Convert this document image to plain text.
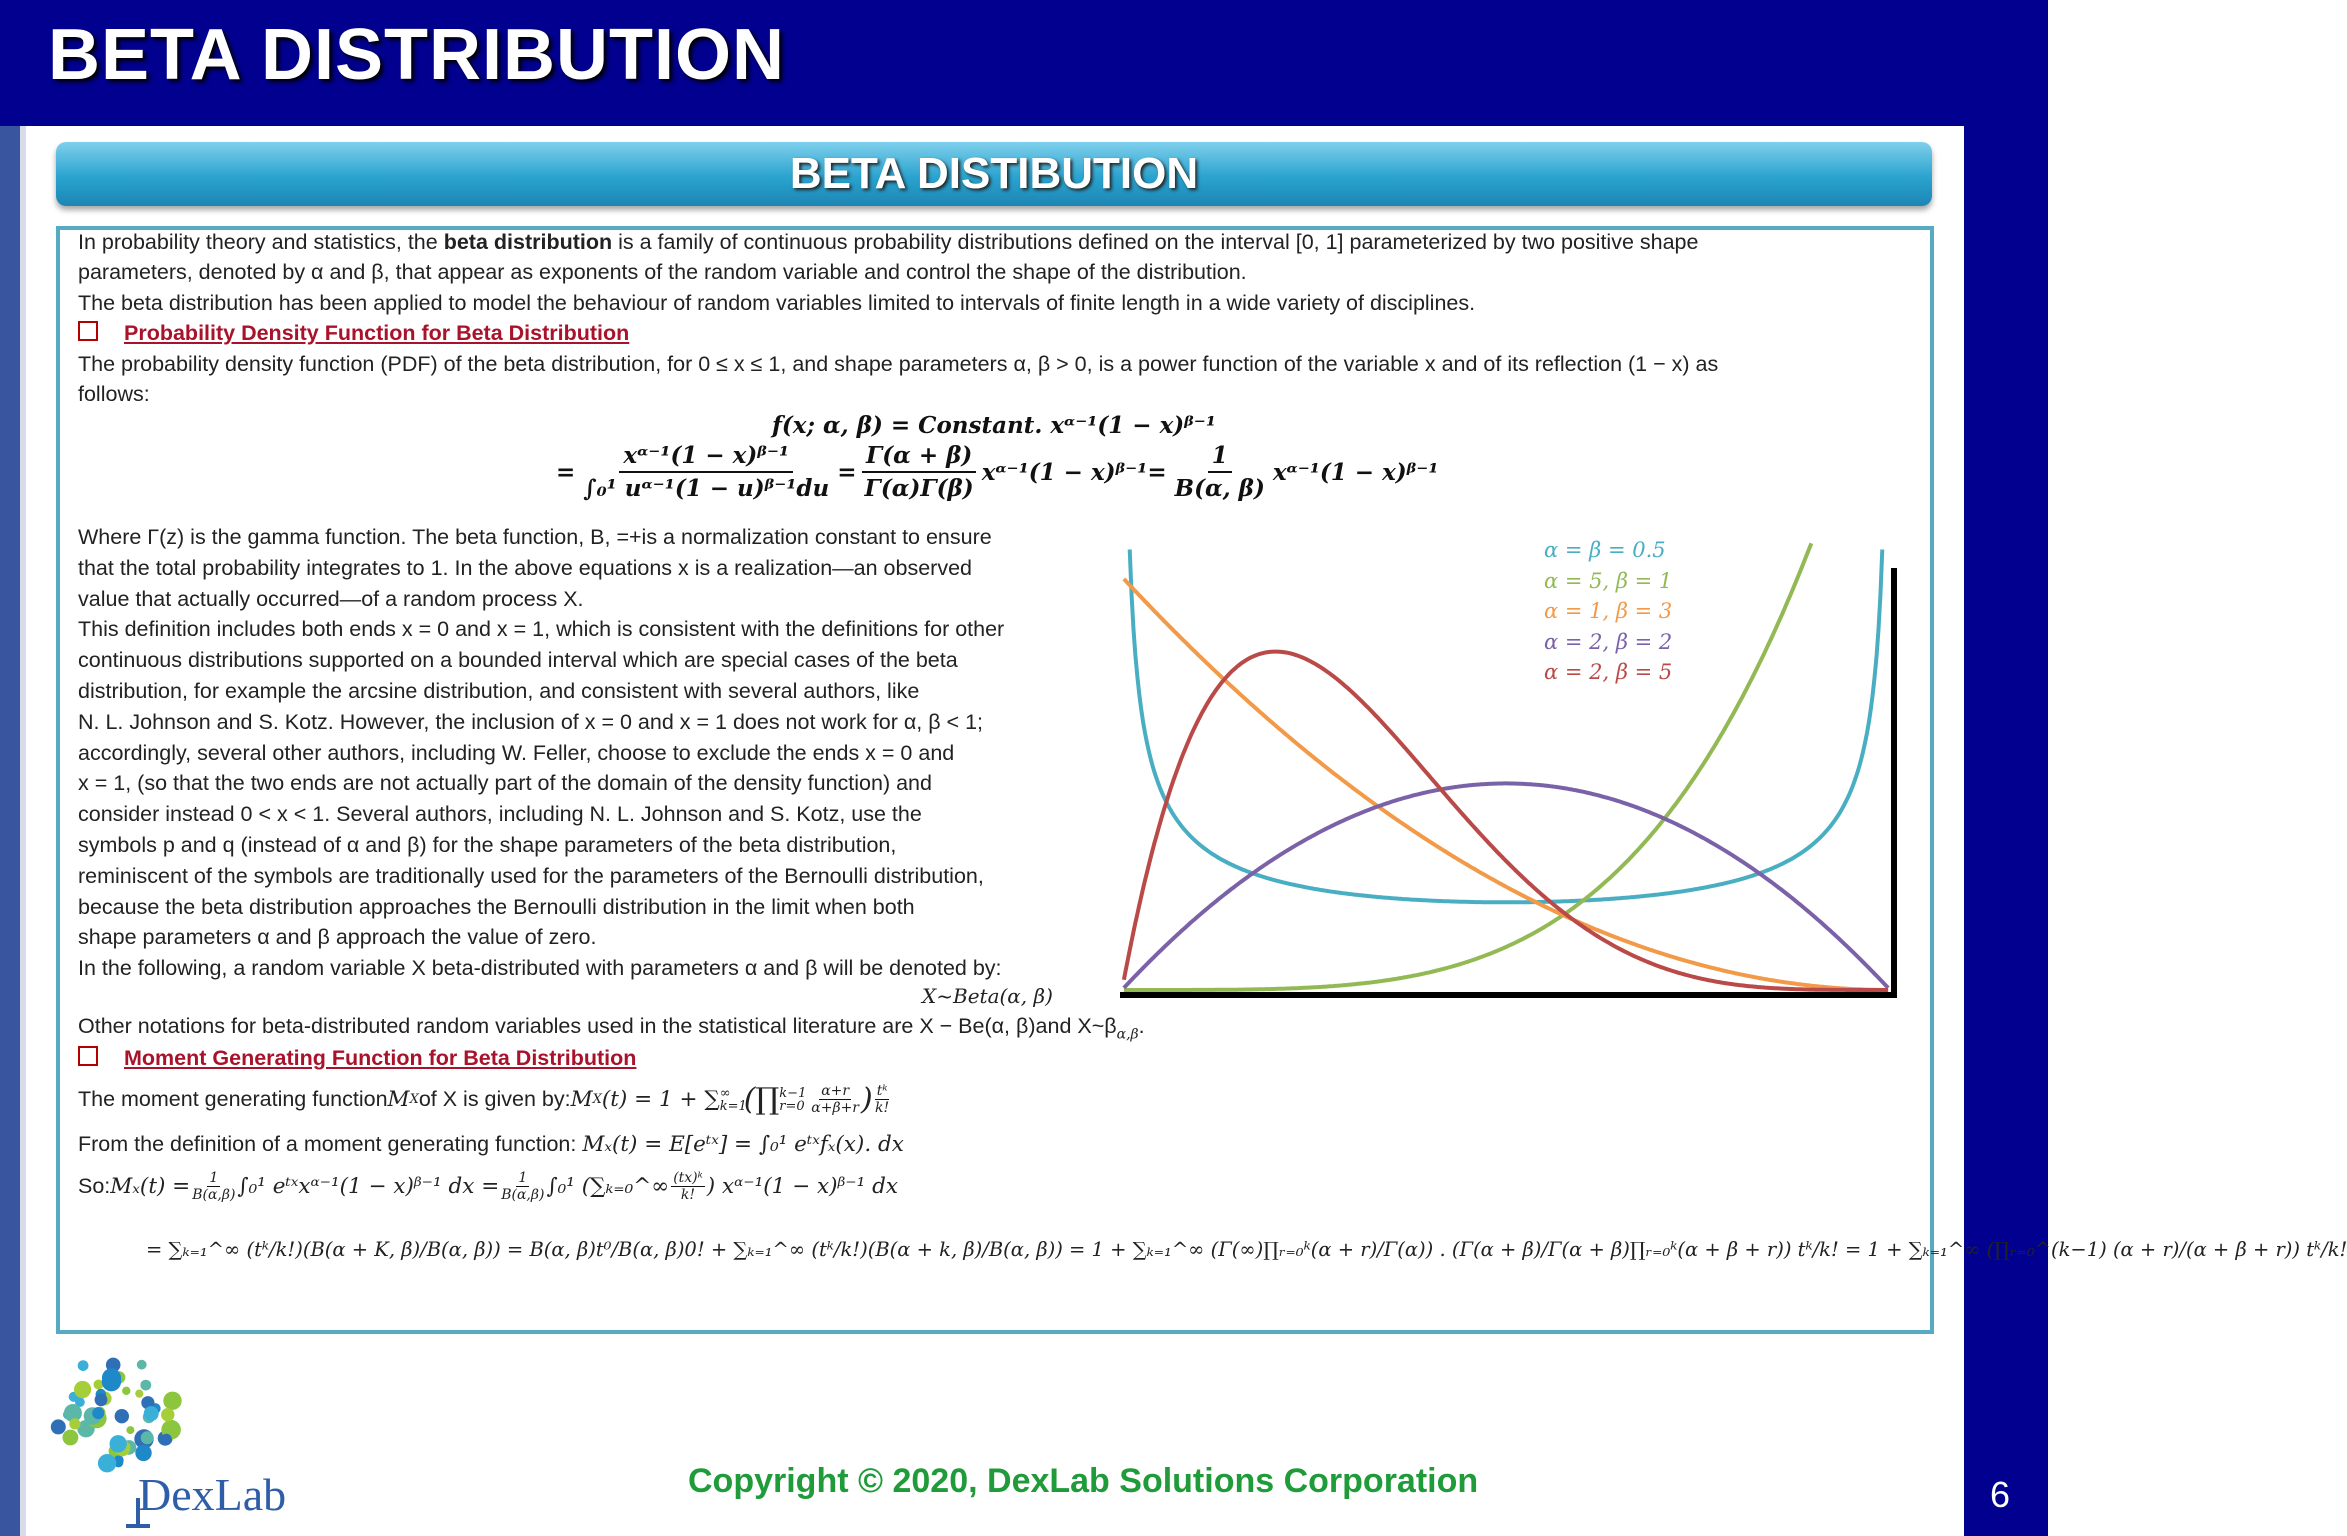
BETA DISTRIBUTION
BETA DISTIBUTION
In probability theory and statistics, the beta distribution is a family of continuous probability distributions defined on the interval [0, 1] parameterized by two positive shape
parameters, denoted by α and β, that appear as exponents of the random variable and control the shape of the distribution.
The beta distribution has been applied to model the behaviour of random variables limited to intervals of finite length in a wide variety of disciplines.
Probability Density Function for Beta Distribution
The probability density function (PDF) of the beta distribution, for 0 ≤ x ≤ 1, and shape parameters α, β > 0, is a power function of the variable x and of its reflection (1 − x) as
follows:
f(x; α, β) = Constant. xᵅ⁻¹(1 − x)ᵝ⁻¹
= $\frac{\text{xᵅ⁻¹(1 − x)ᵝ⁻¹}}{\text{∫₀¹ uᵅ⁻¹(1 − u)ᵝ⁻¹du}} = \frac{\Gamma(\alpha + \beta)}{\Gamma(\alpha)\Gamma(\beta)}$ xᵅ⁻¹(1 − x)ᵝ⁻¹= $\frac{1}{B(\alpha, \beta)}$ xᵅ⁻¹(1 − x)ᵝ⁻¹
Where Γ(z) is the gamma function. The beta function, B, =+is a normalization constant to ensure
that the total probability integrates to 1. In the above equations x is a realization—an observed
value that actually occurred—of a random process X.
This definition includes both ends x = 0 and x = 1, which is consistent with the definitions for other
continuous distributions supported on a bounded interval which are special cases of the beta
distribution, for example the arcsine distribution, and consistent with several authors, like
N. L. Johnson and S. Kotz. However, the inclusion of x = 0 and x = 1 does not work for α, β < 1;
accordingly, several other authors, including W. Feller, choose to exclude the ends x = 0 and
x = 1, (so that the two ends are not actually part of the domain of the density function) and
consider instead 0 < x < 1. Several authors, including N. L. Johnson and S. Kotz, use the
symbols p and q (instead of α and β) for the shape parameters of the beta distribution,
reminiscent of the symbols are traditionally used for the parameters of the Bernoulli distribution,
because the beta distribution approaches the Bernoulli distribution in the limit when both
shape parameters α and β approach the value of zero.
In the following, a random variable X beta-distributed with parameters α and β will be denoted by:
X~Beta(α, β)
Other notations for beta-distributed random variables used in the statistical literature are X − Be(α, β)and $X\sim\beta_{\alpha,\beta}$.
Moment Generating Function for Beta Distribution
The moment generating function M X of X is given by: M X (t) = 1 + ∑ ∞ k=1
(∏ k−1 $r=0 \frac{\alpha+r}{\alpha+\beta+r}$ ) $\frac{\text{tᵏ}}{k!}$
From the definition of a moment generating function: Mₓ(t) = E[eᵗˣ] = ∫₀¹ eᵗˣfₓ(x). dx
So: $M_x(t) = \frac{1}{B(\alpha,\beta)} \int_0^1$ eᵗˣxᵅ⁻¹(1 − x)ᵝ⁻¹ dx = $\frac{1}{B(\alpha,\beta)} \int_0^1$ (∑ₖ₌₀^∞ $\frac{\text{(tx)ᵏ}}{k!}$ ) xᵅ⁻¹(1 − x)ᵝ⁻¹ dx
= ∑ₖ₌₁^∞ (tᵏ/k!)(B(α + K, β)/B(α, β)) = B(α, β)t⁰/B(α, β)0! + ∑ₖ₌₁^∞ (tᵏ/k!)(B(α + k, β)/B(α, β)) = 1 + ∑ₖ₌₁^∞ (Γ(∞)∏ᵣ₌₀ᵏ(α + r)/Γ(α)) . (Γ(α + β)/Γ(α + β)∏ᵣ₌₀ᵏ(α + β + r)) tᵏ/k! = 1 + ∑ₖ₌₁^∞ (∏ᵣ₌₀^(k−1) (α + r)/(α + β + r)) tᵏ/k!
α = β = 0.5
α = 5, β = 1
α = 1, β = 3
α = 2, β = 2
α = 2, β = 5
DexLab	Copyright © 2020, DexLab Solutions Corporation	6
